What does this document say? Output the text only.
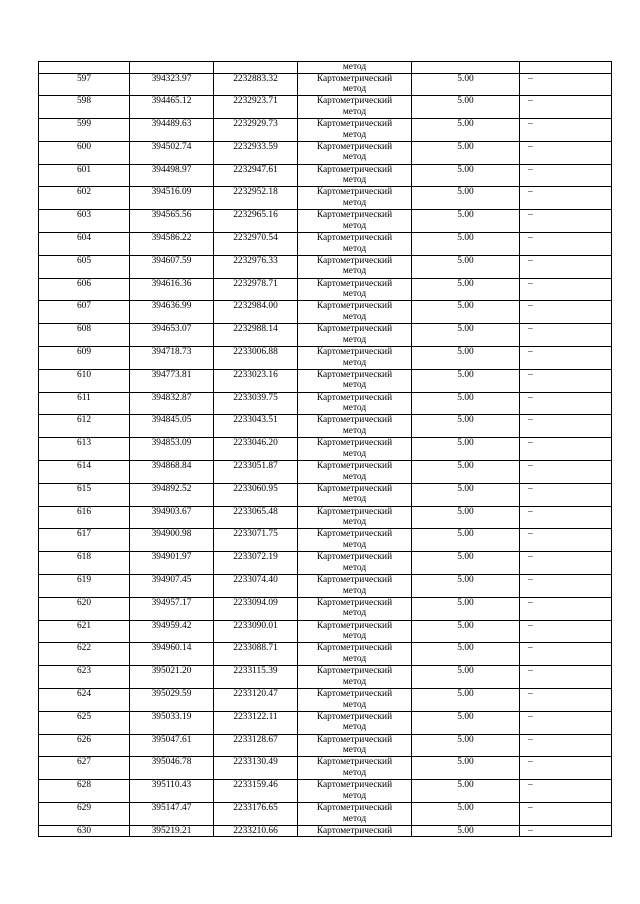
			метод		
597	394323.97	2232883.32	Картометрический
метод	5.00	–
598	394465.12	2232923.71	Картометрический
метод	5.00	–
599	394489.63	2232929.73	Картометрический
метод	5.00	–
600	394502.74	2232933.59	Картометрический
метод	5.00	–
601	394498.97	2232947.61	Картометрический
метод	5.00	–
602	394516.09	2232952.18	Картометрический
метод	5.00	–
603	394565.56	2232965.16	Картометрический
метод	5.00	–
604	394586.22	2232970.54	Картометрический
метод	5.00	–
605	394607.59	2232976.33	Картометрический
метод	5.00	–
606	394616.36	2232978.71	Картометрический
метод	5.00	–
607	394636.99	2232984.00	Картометрический
метод	5.00	–
608	394653.07	2232988.14	Картометрический
метод	5.00	–
609	394718.73	2233006.88	Картометрический
метод	5.00	–
610	394773.81	2233023.16	Картометрический
метод	5.00	–
611	394832.87	2233039.75	Картометрический
метод	5.00	–
612	394845.05	2233043.51	Картометрический
метод	5.00	–
613	394853.09	2233046.20	Картометрический
метод	5.00	–
614	394868.84	2233051.87	Картометрический
метод	5.00	–
615	394892.52	2233060.95	Картометрический
метод	5.00	–
616	394903.67	2233065.48	Картометрический
метод	5.00	–
617	394900.98	2233071.75	Картометрический
метод	5.00	–
618	394901.97	2233072.19	Картометрический
метод	5.00	–
619	394907.45	2233074.40	Картометрический
метод	5.00	–
620	394957.17	2233094.09	Картометрический
метод	5.00	–
621	394959.42	2233090.01	Картометрический
метод	5.00	–
622	394960.14	2233088.71	Картометрический
метод	5.00	–
623	395021.20	2233115.39	Картометрический
метод	5.00	–
624	395029.59	2233120.47	Картометрический
метод	5.00	–
625	395033.19	2233122.11	Картометрический
метод	5.00	–
626	395047.61	2233128.67	Картометрический
метод	5.00	–
627	395046.78	2233130.49	Картометрический
метод	5.00	–
628	395110.43	2233159.46	Картометрический
метод	5.00	–
629	395147.47	2233176.65	Картометрический
метод	5.00	–
630	395219.21	2233210.66	Картометрический	5.00	–
